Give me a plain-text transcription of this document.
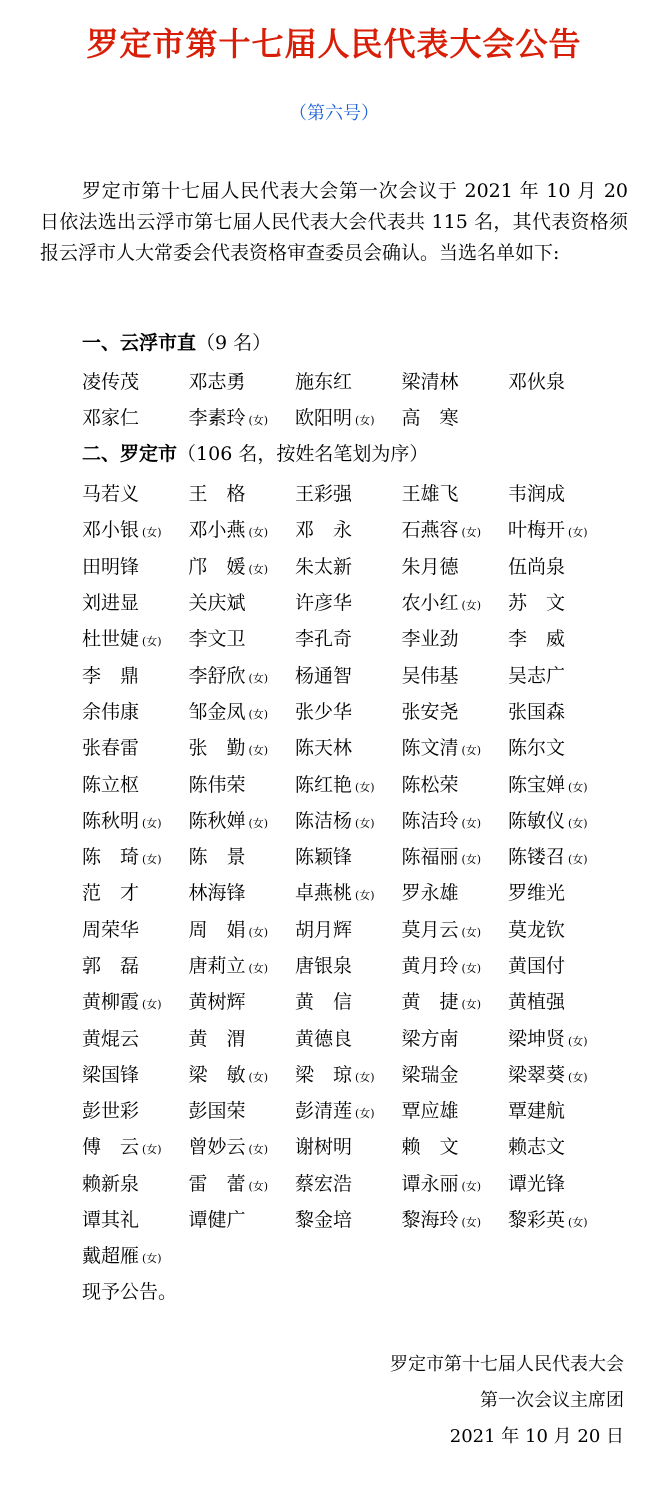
罗定市第十七届人民代表大会公告
（第六号）
罗定市第十七届人民代表大会第一次会议于 2021 年 10 月 20 日依法选出云浮市第七届人民代表大会代表共 115 名，其代表资格须报云浮市人大常委会代表资格审查委员会确认。当选名单如下:
一、云浮市直（9 名）
凌传茂	邓志勇	施东红	梁清林	邓伙泉
邓家仁	李素玲 (女) 欧阳明 (女) 高　寒
二、罗定市（106 名，按姓名笔划为序）
马若义	王　格	王彩强	王雄飞	韦润成
邓小银 (女) 邓小燕 (女) 邓　永	石燕容 (女) 叶梅开 (女)
田明锋	邝　媛 (女) 朱太新	朱月德	伍尚泉
刘进显	关庆斌	许彦华	农小红 (女) 苏　文
杜世婕 (女) 李文卫	李孔奇	李业劲	李　威
李　鼎	李舒欣 (女) 杨通智	吴伟基	吴志广
余伟康	邹金凤 (女) 张少华	张安尧	张国森
张春雷	张　勤 (女) 陈天林	陈文清 (女) 陈尔文
陈立枢	陈伟荣	陈红艳 (女) 陈松荣	陈宝婵 (女)
陈秋明 (女) 陈秋婵 (女) 陈洁杨 (女) 陈洁玲 (女) 陈敏仪 (女)
陈　琦 (女) 陈　景	陈颖锋	陈福丽 (女) 陈镂召 (女)
范　才	林海锋	卓燕桃 (女) 罗永雄	罗维光
周荣华	周　娟 (女) 胡月辉	莫月云 (女) 莫龙钦
郭　磊	唐莉立 (女) 唐银泉	黄月玲 (女) 黄国付
黄柳霞 (女) 黄树辉	黄　信	黄　捷 (女) 黄植强
黄焜云	黄　渭	黄德良	梁方南	梁坤贤 (女)
梁国锋	梁　敏 (女) 梁　琼 (女) 梁瑞金	梁翠葵 (女)
彭世彩	彭国荣	彭清莲 (女) 覃应雄	覃建航
傅　云 (女) 曾妙云 (女) 谢树明	赖　文	赖志文
赖新泉	雷　蕾 (女) 蔡宏浩	谭永丽 (女) 谭光锋
谭其礼	谭健广	黎金培	黎海玲 (女) 黎彩英 (女)
戴超雁 (女)
现予公告。
罗定市第十七届人民代表大会
第一次会议主席团
2021 年 10 月 20 日
